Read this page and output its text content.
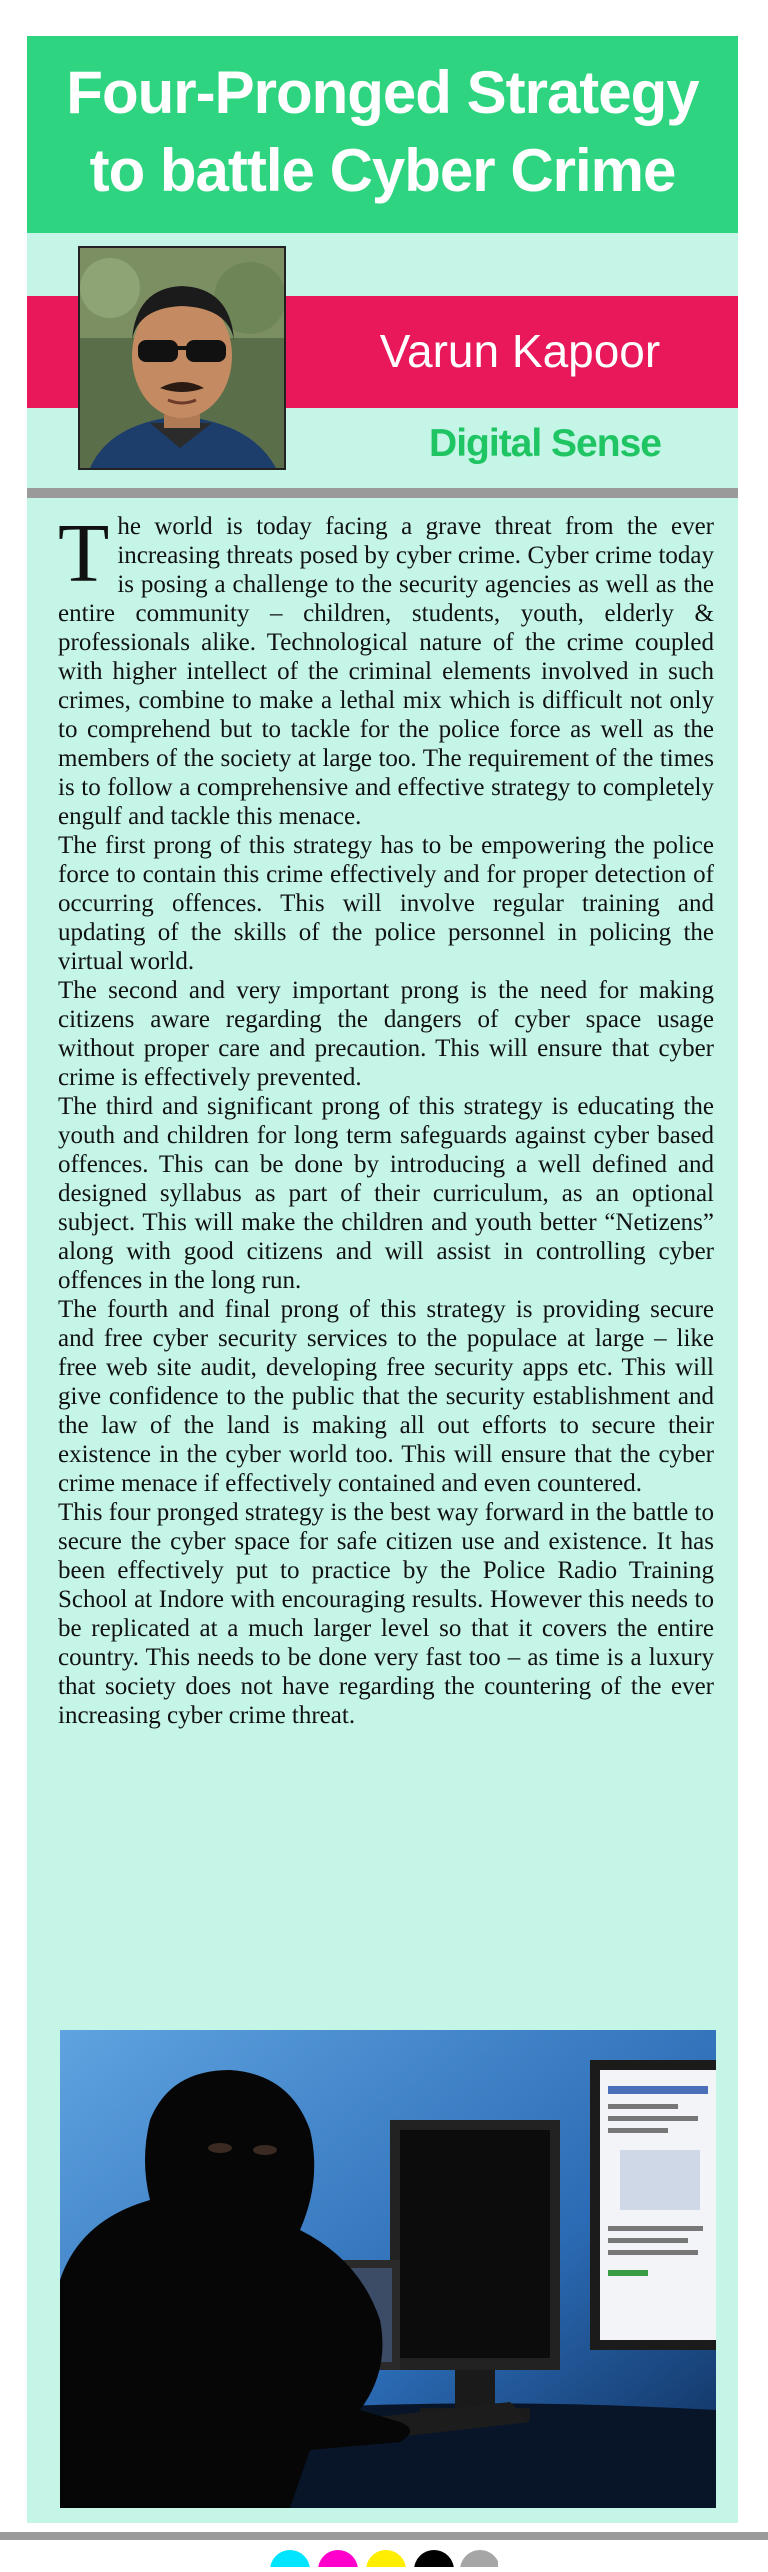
Four-Pronged Strategy
to battle Cyber Crime
Varun Kapoor
Digital Sense

The world is today facing a grave threat from the ever increasing threats posed by cyber crime. Cyber crime today is posing a challenge to the security agencies as well as the entire community – children, students, youth, elderly & professionals alike. Technological nature of the crime coupled with higher intellect of the criminal elements involved in such crimes, combine to make a lethal mix which is difficult not only to comprehend but to tackle for the police force as well as the members of the society at large too. The requirement of the times is to follow a comprehensive and effective strategy to completely engulf and tackle this menace.

The first prong of this strategy has to be empowering the police force to contain this crime effectively and for proper detection of occurring offences. This will involve regular training and updating of the skills of the police personnel in policing the virtual world.

The second and very important prong is the need for making citizens aware regarding the dangers of cyber space usage without proper care and precaution. This will ensure that cyber crime is effectively prevented.

The third and significant prong of this strategy is educating the youth and children for long term safeguards against cyber based offences. This can be done by introducing a well defined and designed syllabus as part of their curriculum, as an optional subject. This will make the children and youth better “Netizens” along with good citizens and will assist in controlling cyber offences in the long run.

The fourth and final prong of this strategy is providing secure and free cyber security services to the populace at large – like free web site audit, developing free security apps etc. This will give confidence to the public that the security establishment and the law of the land is making all out efforts to secure their existence in the cyber world too. This will ensure that the cyber crime menace if effectively contained and even countered.

This four pronged strategy is the best way forward in the battle to secure the cyber space for safe citizen use and existence. It has been effectively put to practice by the Police Radio Training School at Indore with encouraging results. However this needs to be replicated at a much larger level so that it covers the entire country. This needs to be done very fast too – as time is a luxury that society does not have regarding the countering of the ever increasing cyber crime threat.
